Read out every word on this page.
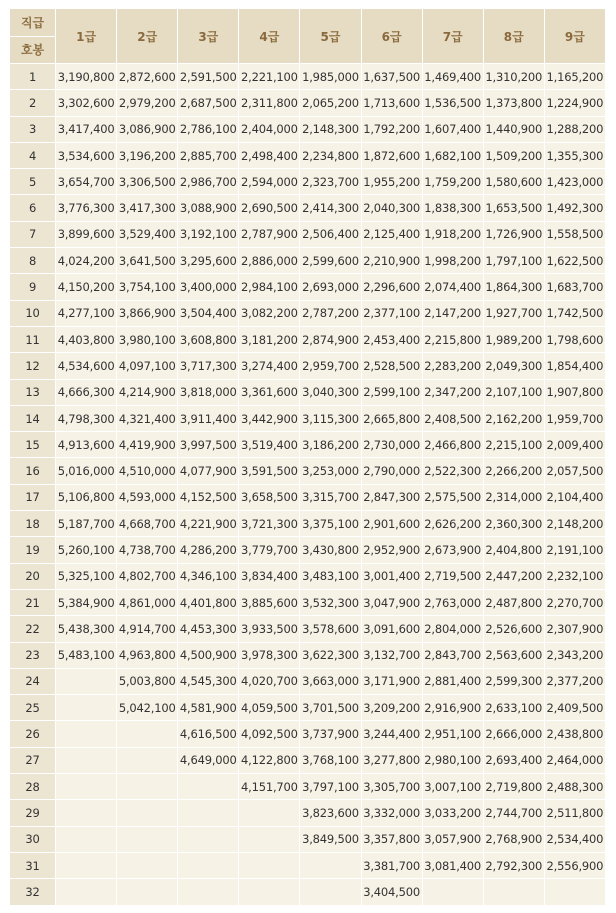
직급
호봉	1급	2급	3급	4급	5급	6급	7급	8급	9급
1	3,190,800	2,872,600	2,591,500	2,221,100	1,985,000	1,637,500	1,469,400	1,310,200	1,165,200
2	3,302,600	2,979,200	2,687,500	2,311,800	2,065,200	1,713,600	1,536,500	1,373,800	1,224,900
3	3,417,400	3,086,900	2,786,100	2,404,000	2,148,300	1,792,200	1,607,400	1,440,900	1,288,200
4	3,534,600	3,196,200	2,885,700	2,498,400	2,234,800	1,872,600	1,682,100	1,509,200	1,355,300
5	3,654,700	3,306,500	2,986,700	2,594,000	2,323,700	1,955,200	1,759,200	1,580,600	1,423,000
6	3,776,300	3,417,300	3,088,900	2,690,500	2,414,300	2,040,300	1,838,300	1,653,500	1,492,300
7	3,899,600	3,529,400	3,192,100	2,787,900	2,506,400	2,125,400	1,918,200	1,726,900	1,558,500
8	4,024,200	3,641,500	3,295,600	2,886,000	2,599,600	2,210,900	1,998,200	1,797,100	1,622,500
9	4,150,200	3,754,100	3,400,000	2,984,100	2,693,000	2,296,600	2,074,400	1,864,300	1,683,700
10	4,277,100	3,866,900	3,504,400	3,082,200	2,787,200	2,377,100	2,147,200	1,927,700	1,742,500
11	4,403,800	3,980,100	3,608,800	3,181,200	2,874,900	2,453,400	2,215,800	1,989,200	1,798,600
12	4,534,600	4,097,100	3,717,300	3,274,400	2,959,700	2,528,500	2,283,200	2,049,300	1,854,400
13	4,666,300	4,214,900	3,818,000	3,361,600	3,040,300	2,599,100	2,347,200	2,107,100	1,907,800
14	4,798,300	4,321,400	3,911,400	3,442,900	3,115,300	2,665,800	2,408,500	2,162,200	1,959,700
15	4,913,600	4,419,900	3,997,500	3,519,400	3,186,200	2,730,000	2,466,800	2,215,100	2,009,400
16	5,016,000	4,510,000	4,077,900	3,591,500	3,253,000	2,790,000	2,522,300	2,266,200	2,057,500
17	5,106,800	4,593,000	4,152,500	3,658,500	3,315,700	2,847,300	2,575,500	2,314,000	2,104,400
18	5,187,700	4,668,700	4,221,900	3,721,300	3,375,100	2,901,600	2,626,200	2,360,300	2,148,200
19	5,260,100	4,738,700	4,286,200	3,779,700	3,430,800	2,952,900	2,673,900	2,404,800	2,191,100
20	5,325,100	4,802,700	4,346,100	3,834,400	3,483,100	3,001,400	2,719,500	2,447,200	2,232,100
21	5,384,900	4,861,000	4,401,800	3,885,600	3,532,300	3,047,900	2,763,000	2,487,800	2,270,700
22	5,438,300	4,914,700	4,453,300	3,933,500	3,578,600	3,091,600	2,804,000	2,526,600	2,307,900
23	5,483,100	4,963,800	4,500,900	3,978,300	3,622,300	3,132,700	2,843,700	2,563,600	2,343,200
24		5,003,800	4,545,300	4,020,700	3,663,000	3,171,900	2,881,400	2,599,300	2,377,200
25		5,042,100	4,581,900	4,059,500	3,701,500	3,209,200	2,916,900	2,633,100	2,409,500
26			4,616,500	4,092,500	3,737,900	3,244,400	2,951,100	2,666,000	2,438,800
27			4,649,000	4,122,800	3,768,100	3,277,800	2,980,100	2,693,400	2,464,000
28				4,151,700	3,797,100	3,305,700	3,007,100	2,719,800	2,488,300
29					3,823,600	3,332,000	3,033,200	2,744,700	2,511,800
30					3,849,500	3,357,800	3,057,900	2,768,900	2,534,400
31						3,381,700	3,081,400	2,792,300	2,556,900
32						3,404,500			
